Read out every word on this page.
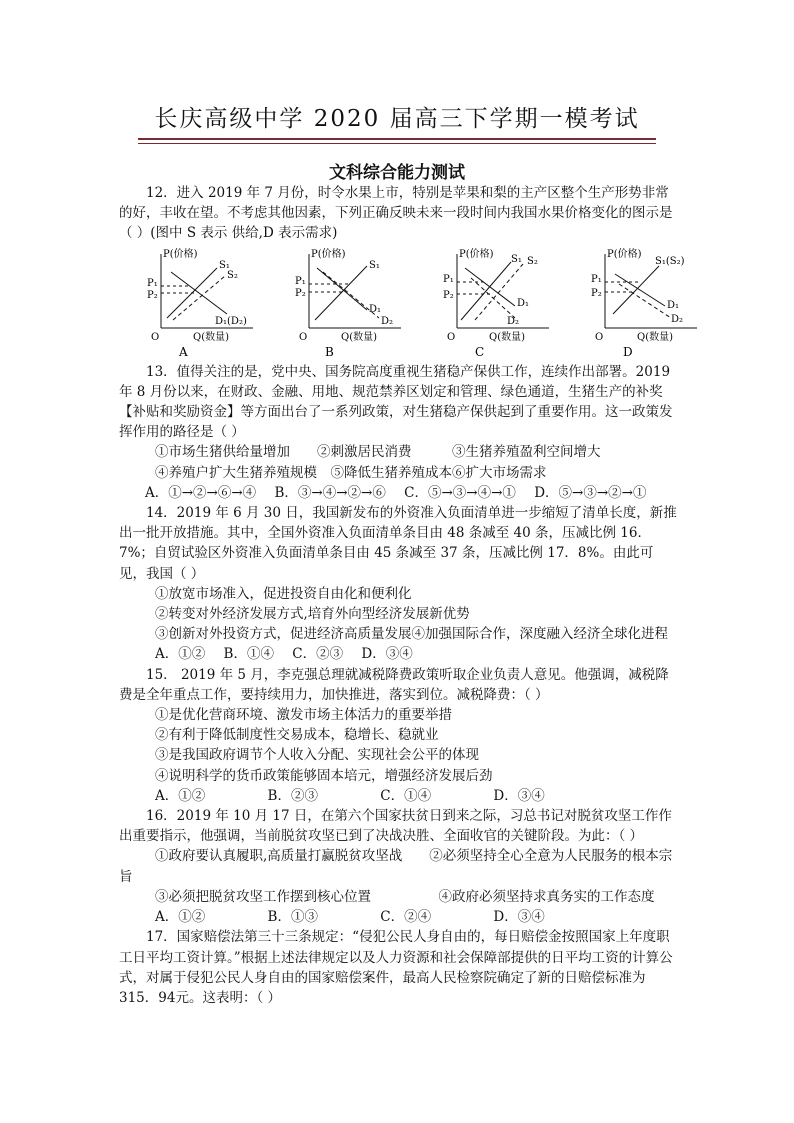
长庆高级中学 2020 届高三下学期一模考试
文科综合能力测试

12．进入 2019 年 7 月份，时令水果上市，特别是苹果和梨的主产区整个生产形势非常的好，丰收在望。不考虑其他因素，下列正确反映未来一段时间内我国水果价格变化的图示是（ ）(图中 S 表示 供给,D 表示需求)

P(价格)
S₁
S₂
D₁(D₂)
P₁
P₂
O	Q(数量)
A
P(价格)
S₁
D₁
D₂
P₁
P₂
O	Q(数量)
B
P(价格) S₁ S₂
D₁
D₂
P₁
P₂
O	Q(数量)
C
P(价格)
S₁(S₂)
D₁
D₂
P₁
P₂
O	Q(数量)
D

13．值得关注的是，党中央、国务院高度重视生猪稳产保供工作，连续作出部署。2019 年 8 月份以来，在财政、金融、用地、规范禁养区划定和管理、绿色通道，生猪生产的补奖【补贴和奖励资金】等方面出台了一系列政策，对生猪稳产保供起到了重要作用。这一政策发挥作用的路径是（ ）

①市场生猪供给量增加　　②刺激居民消费　　　③生猪养殖盈利空间增大

④养殖户扩大生猪养殖规模　⑤降低生猪养殖成本⑥扩大市场需求

A．①→②→⑥→④ B．③→④→②→⑥ C．⑤→③→④→① D．⑤→③→②→①

14．2019 年 6 月 30 日，我国新发布的外资准入负面清单进一步缩短了清单长度，新推出一批开放措施。其中，全国外资准入负面清单条目由 48 条减至 40 条，压减比例 16．7%；自贸试验区外资准入负面清单条目由 45 条减至 37 条，压减比例 17．8%。由此可见，我国（ ）

①放宽市场准入，促进投资自由化和便利化

②转变对外经济发展方式,培育外向型经济发展新优势

③创新对外投资方式，促进经济高质量发展④加强国际合作，深度融入经济全球化进程

A．①② B．①④ C．②③ D．③④

15． 2019 年 5 月，李克强总理就减税降费政策听取企业负责人意见。他强调，减税降费是全年重点工作，要持续用力，加快推进，落实到位。减税降费：（ ）

①是优化营商环境、激发市场主体活力的重要举措

②有利于降低制度性交易成本，稳增长、稳就业

③是我国政府调节个人收入分配、实现社会公平的体现

④说明科学的货币政策能够固本培元，增强经济发展后劲

A．①②	B．②③	C．①④	D．③④

16．2019 年 10 月 17 日，在第六个国家扶贫日到来之际，习总书记对脱贫攻坚工作作出重要指示，他强调，当前脱贫攻坚已到了决战决胜、全面收官的关键阶段。为此：（ ）

①政府要认真履职,高质量打赢脱贫攻坚战　　②必须坚持全心全意为人民服务的根本宗旨

③必须把脱贫攻坚工作摆到核心位置　　　　　④政府必须坚持求真务实的工作态度

A．①②	B．①③	C．②④	D．③④

17．国家赔偿法第三十三条规定：“侵犯公民人身自由的，每日赔偿金按照国家上年度职工日平均工资计算。”根据上述法律规定以及人力资源和社会保障部提供的日平均工资的计算公式，对属于侵犯公民人身自由的国家赔偿案件，最高人民检察院确定了新的日赔偿标准为 315．94元。这表明：（ ）
